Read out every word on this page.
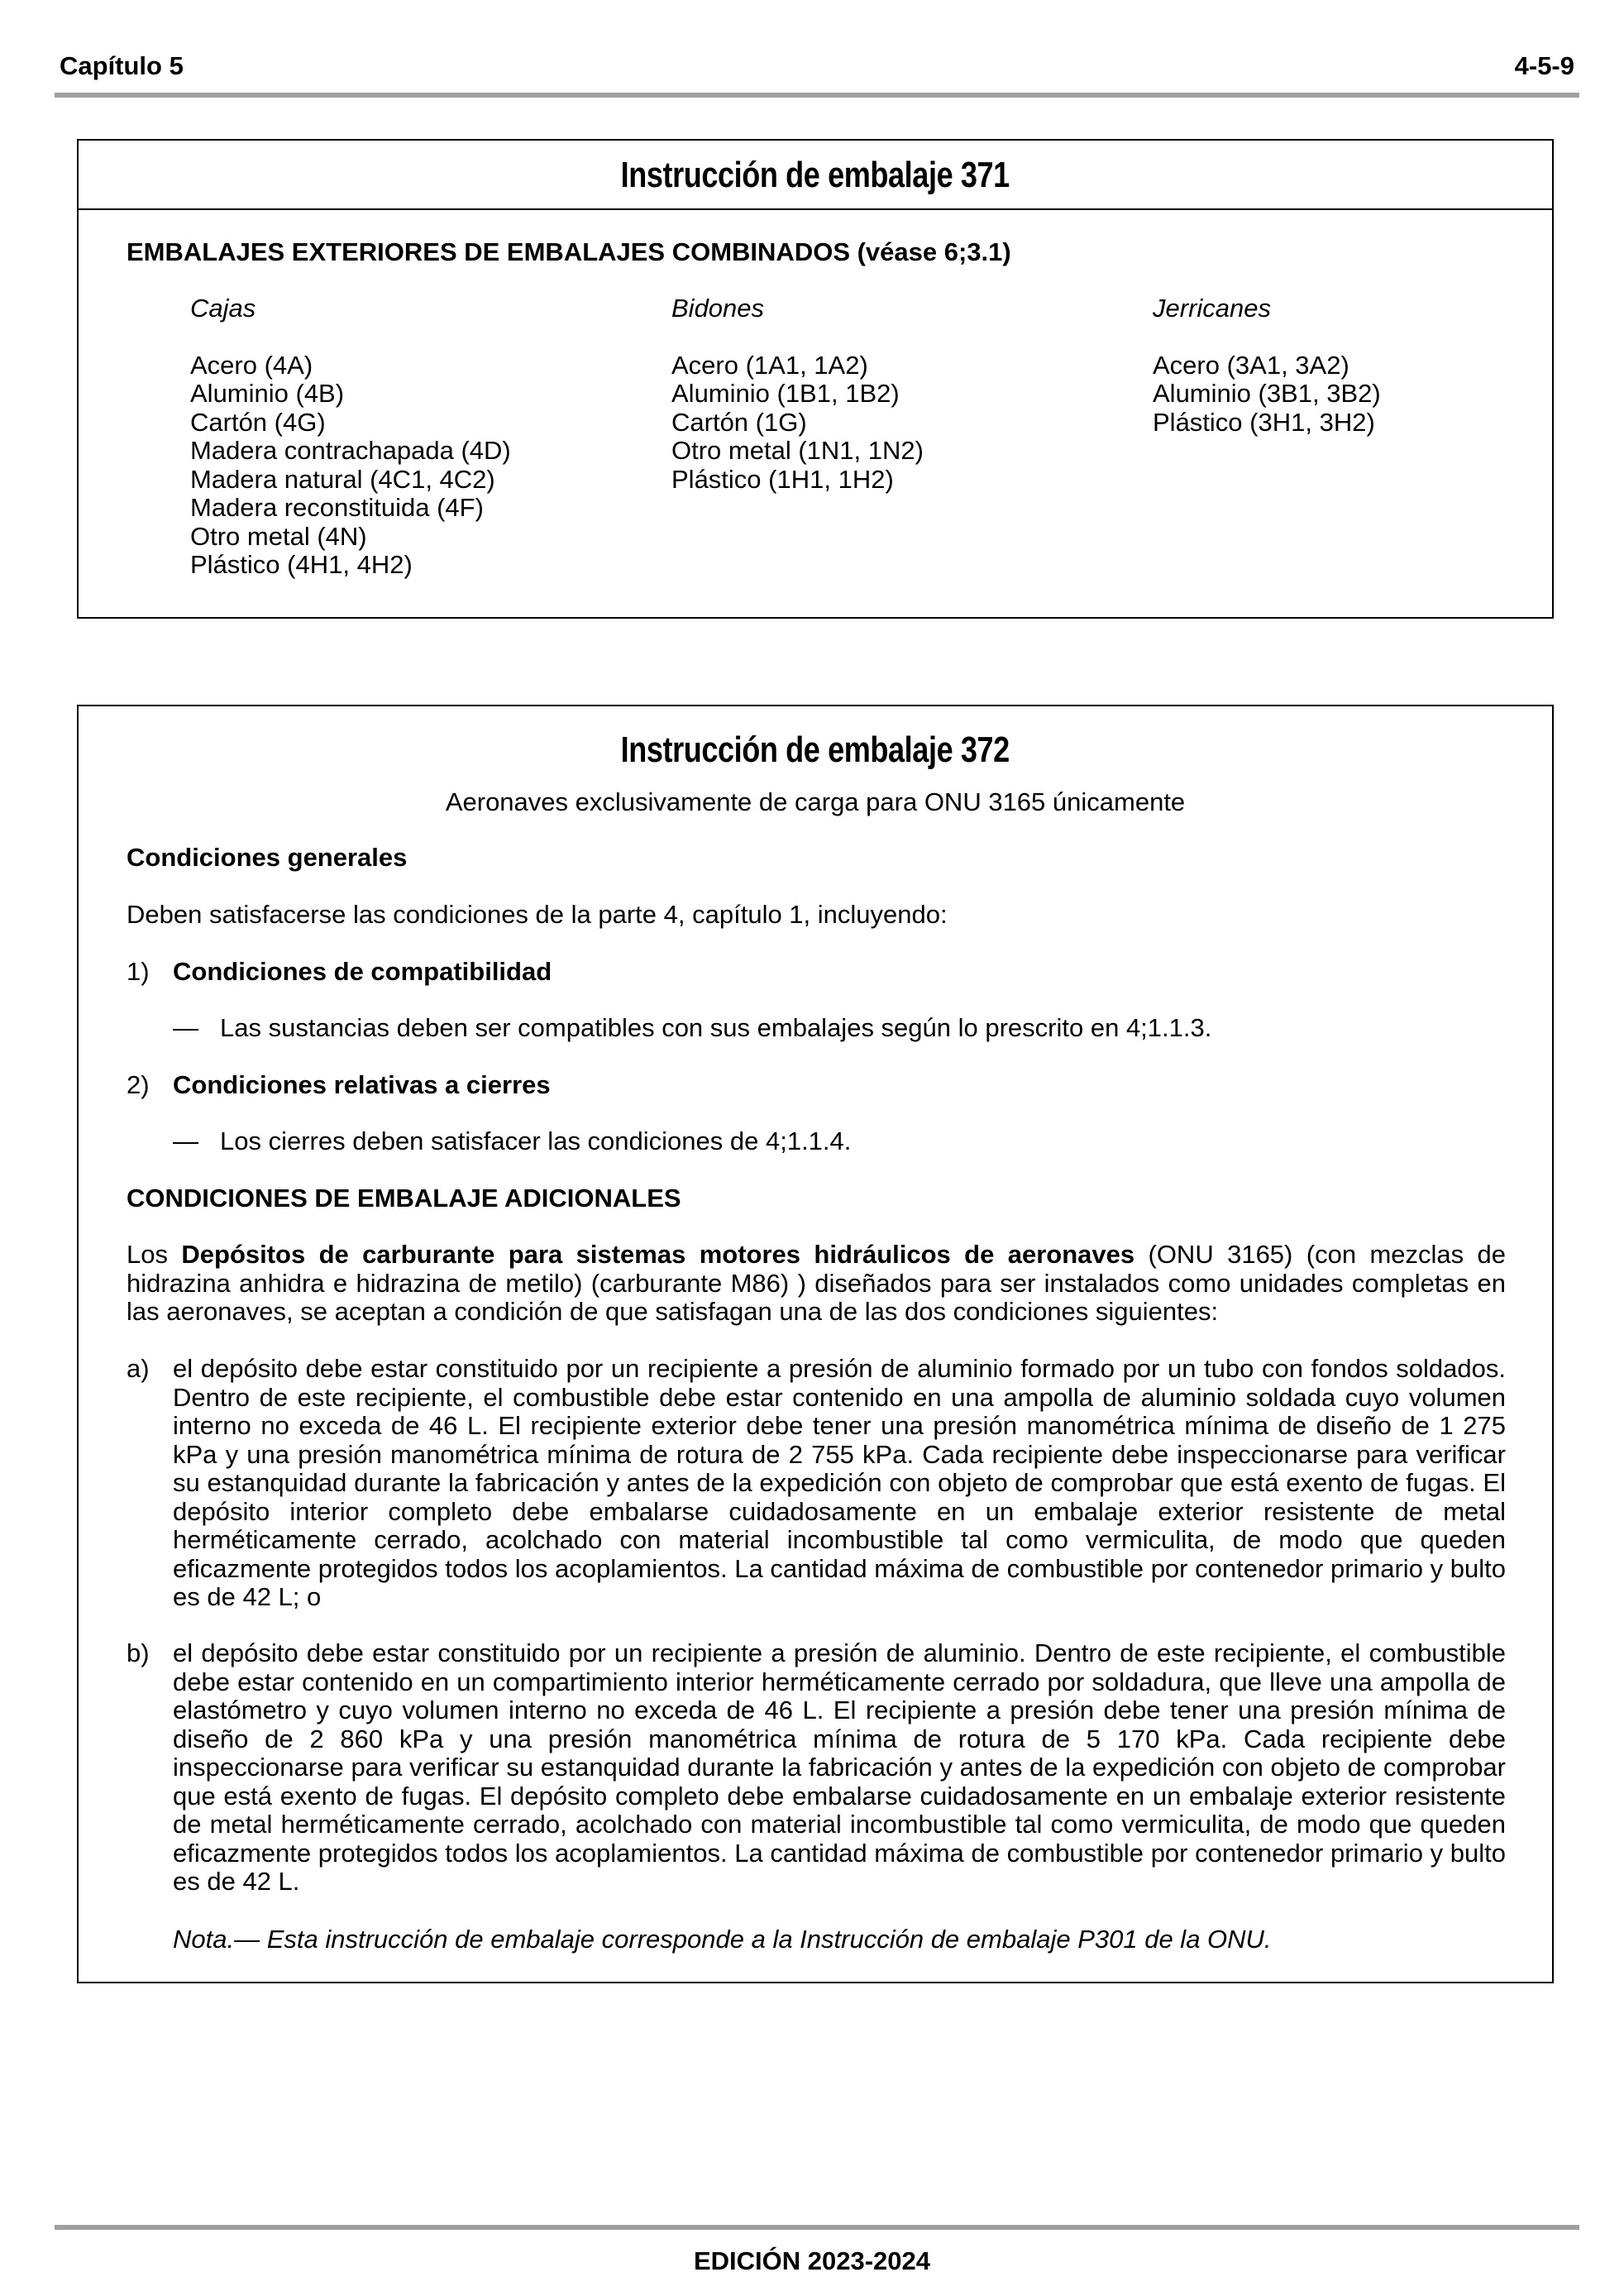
Capítulo 5	4-5-9
Instrucción de embalaje 371
EMBALAJES EXTERIORES DE EMBALAJES COMBINADOS (véase 6;3.1)
Cajas
Acero (4A)
Aluminio (4B)
Cartón (4G)
Madera contrachapada (4D)
Madera natural (4C1, 4C2)
Madera reconstituida (4F)
Otro metal (4N)
Plástico (4H1, 4H2)
Bidones
Acero (1A1, 1A2)
Aluminio (1B1, 1B2)
Cartón (1G)
Otro metal (1N1, 1N2)
Plástico (1H1, 1H2)
Jerricanes
Acero (3A1, 3A2)
Aluminio (3B1, 3B2)
Plástico (3H1, 3H2)
Instrucción de embalaje 372
Aeronaves exclusivamente de carga para ONU 3165 únicamente
Condiciones generales
Deben satisfacerse las condiciones de la parte 4, capítulo 1, incluyendo:
1) Condiciones de compatibilidad
— Las sustancias deben ser compatibles con sus embalajes según lo prescrito en 4;1.1.3.
2) Condiciones relativas a cierres
— Los cierres deben satisfacer las condiciones de 4;1.1.4.
CONDICIONES DE EMBALAJE ADICIONALES
Los Depósitos de carburante para sistemas motores hidráulicos de aeronaves (ONU 3165) (con mezclas de hidrazina anhidra e hidrazina de metilo) (carburante M86) ) diseñados para ser instalados como unidades completas en las aeronaves, se aceptan a condición de que satisfagan una de las dos condiciones siguientes:
a) el depósito debe estar constituido por un recipiente a presión de aluminio formado por un tubo con fondos soldados. Dentro de este recipiente, el combustible debe estar contenido en una ampolla de aluminio soldada cuyo volumen interno no exceda de 46 L. El recipiente exterior debe tener una presión manométrica mínima de diseño de 1 275 kPa y una presión manométrica mínima de rotura de 2 755 kPa. Cada recipiente debe inspeccionarse para verificar su estanquidad durante la fabricación y antes de la expedición con objeto de comprobar que está exento de fugas. El depósito interior completo debe embalarse cuidadosamente en un embalaje exterior resistente de metal herméticamente cerrado, acolchado con material incombustible tal como vermiculita, de modo que queden eficazmente protegidos todos los acoplamientos. La cantidad máxima de combustible por contenedor primario y bulto es de 42 L; o
b) el depósito debe estar constituido por un recipiente a presión de aluminio. Dentro de este recipiente, el combustible debe estar contenido en un compartimiento interior herméticamente cerrado por soldadura, que lleve una ampolla de elastómetro y cuyo volumen interno no exceda de 46 L. El recipiente a presión debe tener una presión mínima de diseño de 2 860 kPa y una presión manométrica mínima de rotura de 5 170 kPa. Cada recipiente debe inspeccionarse para verificar su estanquidad durante la fabricación y antes de la expedición con objeto de comprobar que está exento de fugas. El depósito completo debe embalarse cuidadosamente en un embalaje exterior resistente de metal herméticamente cerrado, acolchado con material incombustible tal como vermiculita, de modo que queden eficazmente protegidos todos los acoplamientos. La cantidad máxima de combustible por contenedor primario y bulto es de 42 L.
Nota.— Esta instrucción de embalaje corresponde a la Instrucción de embalaje P301 de la ONU.
EDICIÓN 2023-2024
